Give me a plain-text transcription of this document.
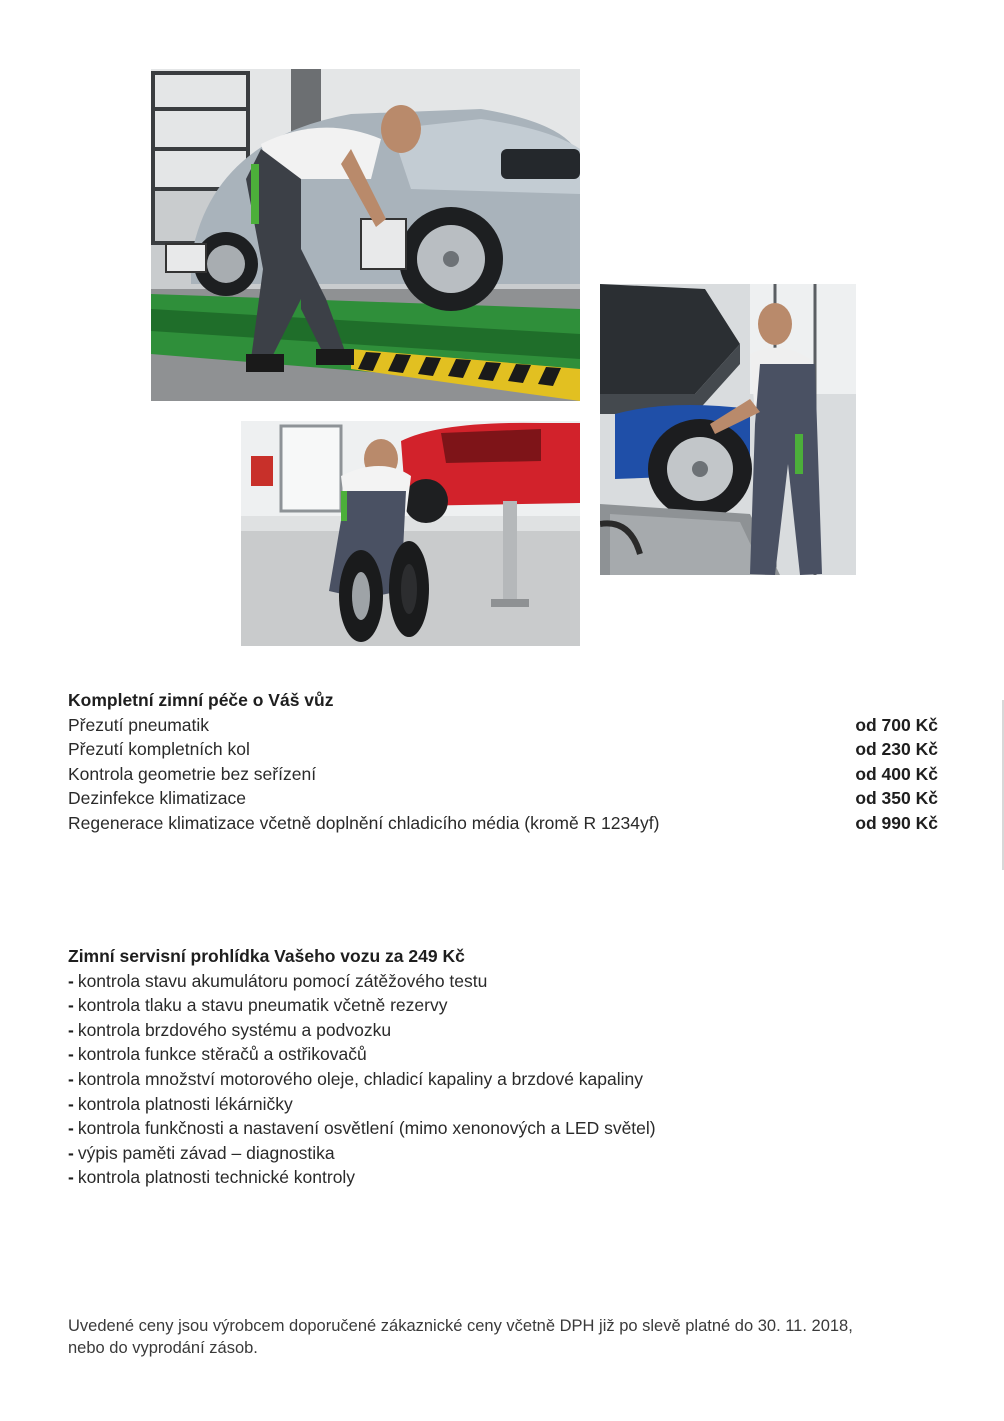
Kompletní zimní péče o Váš vůz
Přezutí pneumatik	od 700 Kč
Přezutí kompletních kol	od 230 Kč
Kontrola geometrie bez seřízení	od 400 Kč
Dezinfekce klimatizace	od 350 Kč
Regenerace klimatizace včetně doplnění chladicího média (kromě R 1234yf)	od 990 Kč
Zimní servisní prohlídka Vašeho vozu za 249 Kč
- kontrola stavu akumulátoru pomocí zátěžového testu
- kontrola tlaku a stavu pneumatik včetně rezervy
- kontrola brzdového systému a podvozku
- kontrola funkce stěračů a ostřikovačů
- kontrola množství motorového oleje, chladicí kapaliny a brzdové kapaliny
- kontrola platnosti lékárničky
- kontrola funkčnosti a nastavení osvětlení (mimo xenonových a LED světel)
- výpis paměti závad – diagnostika
- kontrola platnosti technické kontroly
Uvedené ceny jsou výrobcem doporučené zákaznické ceny včetně DPH již po slevě platné do 30. 11. 2018,
nebo do vyprodání zásob.
